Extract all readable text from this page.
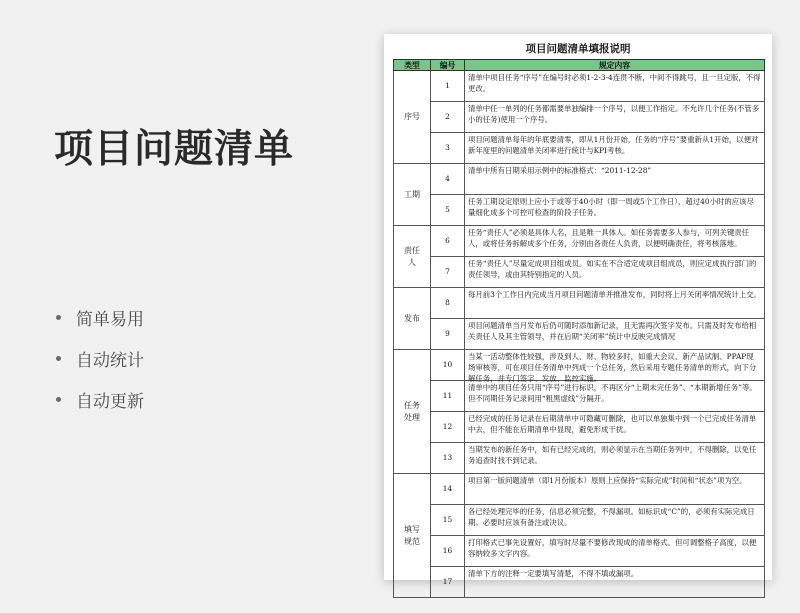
项目问题清单
简单易用
自动统计
自动更新
项目问题清单填报说明
类型	编号	规定内容
序号	1	清单中项目任务“序号”在编号时必须1-2-3-4连贯不断，中间不得跳号，且一旦定版，不得更改。

	2	清单中任一单列的任务都需要单独编排一个序号，以便工作指定。不允许几个任务(不管多小的任务)使用一个序号。

	3	项目问题清单每年的年底要清零，即从1月份开始，任务的“序号”要重新从1开始，以便对新年度里的问题清单关闭率进行统计与KPI考核。

工期	4	清单中所有日期采用示例中的标准格式：“2011-12-28”

	5	任务工期设定原则上应小于或等于40小时（即一周或5个工作日），超过40小时的应该尽量细化成多个可控可检查的阶段子任务。

责任人	6	任务“责任人”必须是具体人名，且是唯一具体人。如任务需要多人参与，可列关键责任人，或将任务拆解成多个任务，分别由各责任人负责，以便明确责任，将考核落地。

	7	任务“责任人”尽量定成项目组成员。如实在不合适定成项目组成员，则应定成执行部门的责任领导，或由其特别指定的人员。

发布	8	每月前3个工作日内完成当月项目问题清单并推准发布，同时将上月关闭率情况统计上交。

	9	项目问题清单当月发布后仍可随时添加新记录，且无需再次签字发布。只需及时发布给相关责任人及其主管领导，并在后期“关闭率”统计中反映完成情况

任务处理	10	当某一活动整体性较强，涉及到人、财、物较多时，如重大会议、新产品试制、PPAP现场审核等，可在项目任务清单中列成一个总任务，然后采用专题任务清单的形式，向下分解任务，并专门签字、发放、监控实施。

	11	清单中的项目任务只用“序号”进行标识，不再区分“上期未完任务”、“本期新增任务”等。但不同期任务记录间用“粗黑虚线”分隔开。

	12	已经完成的任务记录在后期清单中可隐藏可删除，也可以单独集中到一个已完成任务清单中去，但不能在后期清单中显现，避免形成干扰。

	13	当期发布的新任务中，如有已经完成的，则必须显示在当期任务列中，不得删除，以免任务追查时找不到记录。

填写规范	14	项目第一版问题清单（即1月份版本）原则上应保持“实际完成”时间和“状态”项为空。

	15	各已经处理完毕的任务，信息必须完整，不得漏项。如标识成“C”的，必须有实际完成日期。必要时应该有备注或决议。

	16	打印格式已事先设置好，填写时尽量不要修改现成的清单格式。但可调整格子高度，以便容纳较多文字内容。

	17	清单下方的注释一定要填写清楚，不得不填或漏项。
